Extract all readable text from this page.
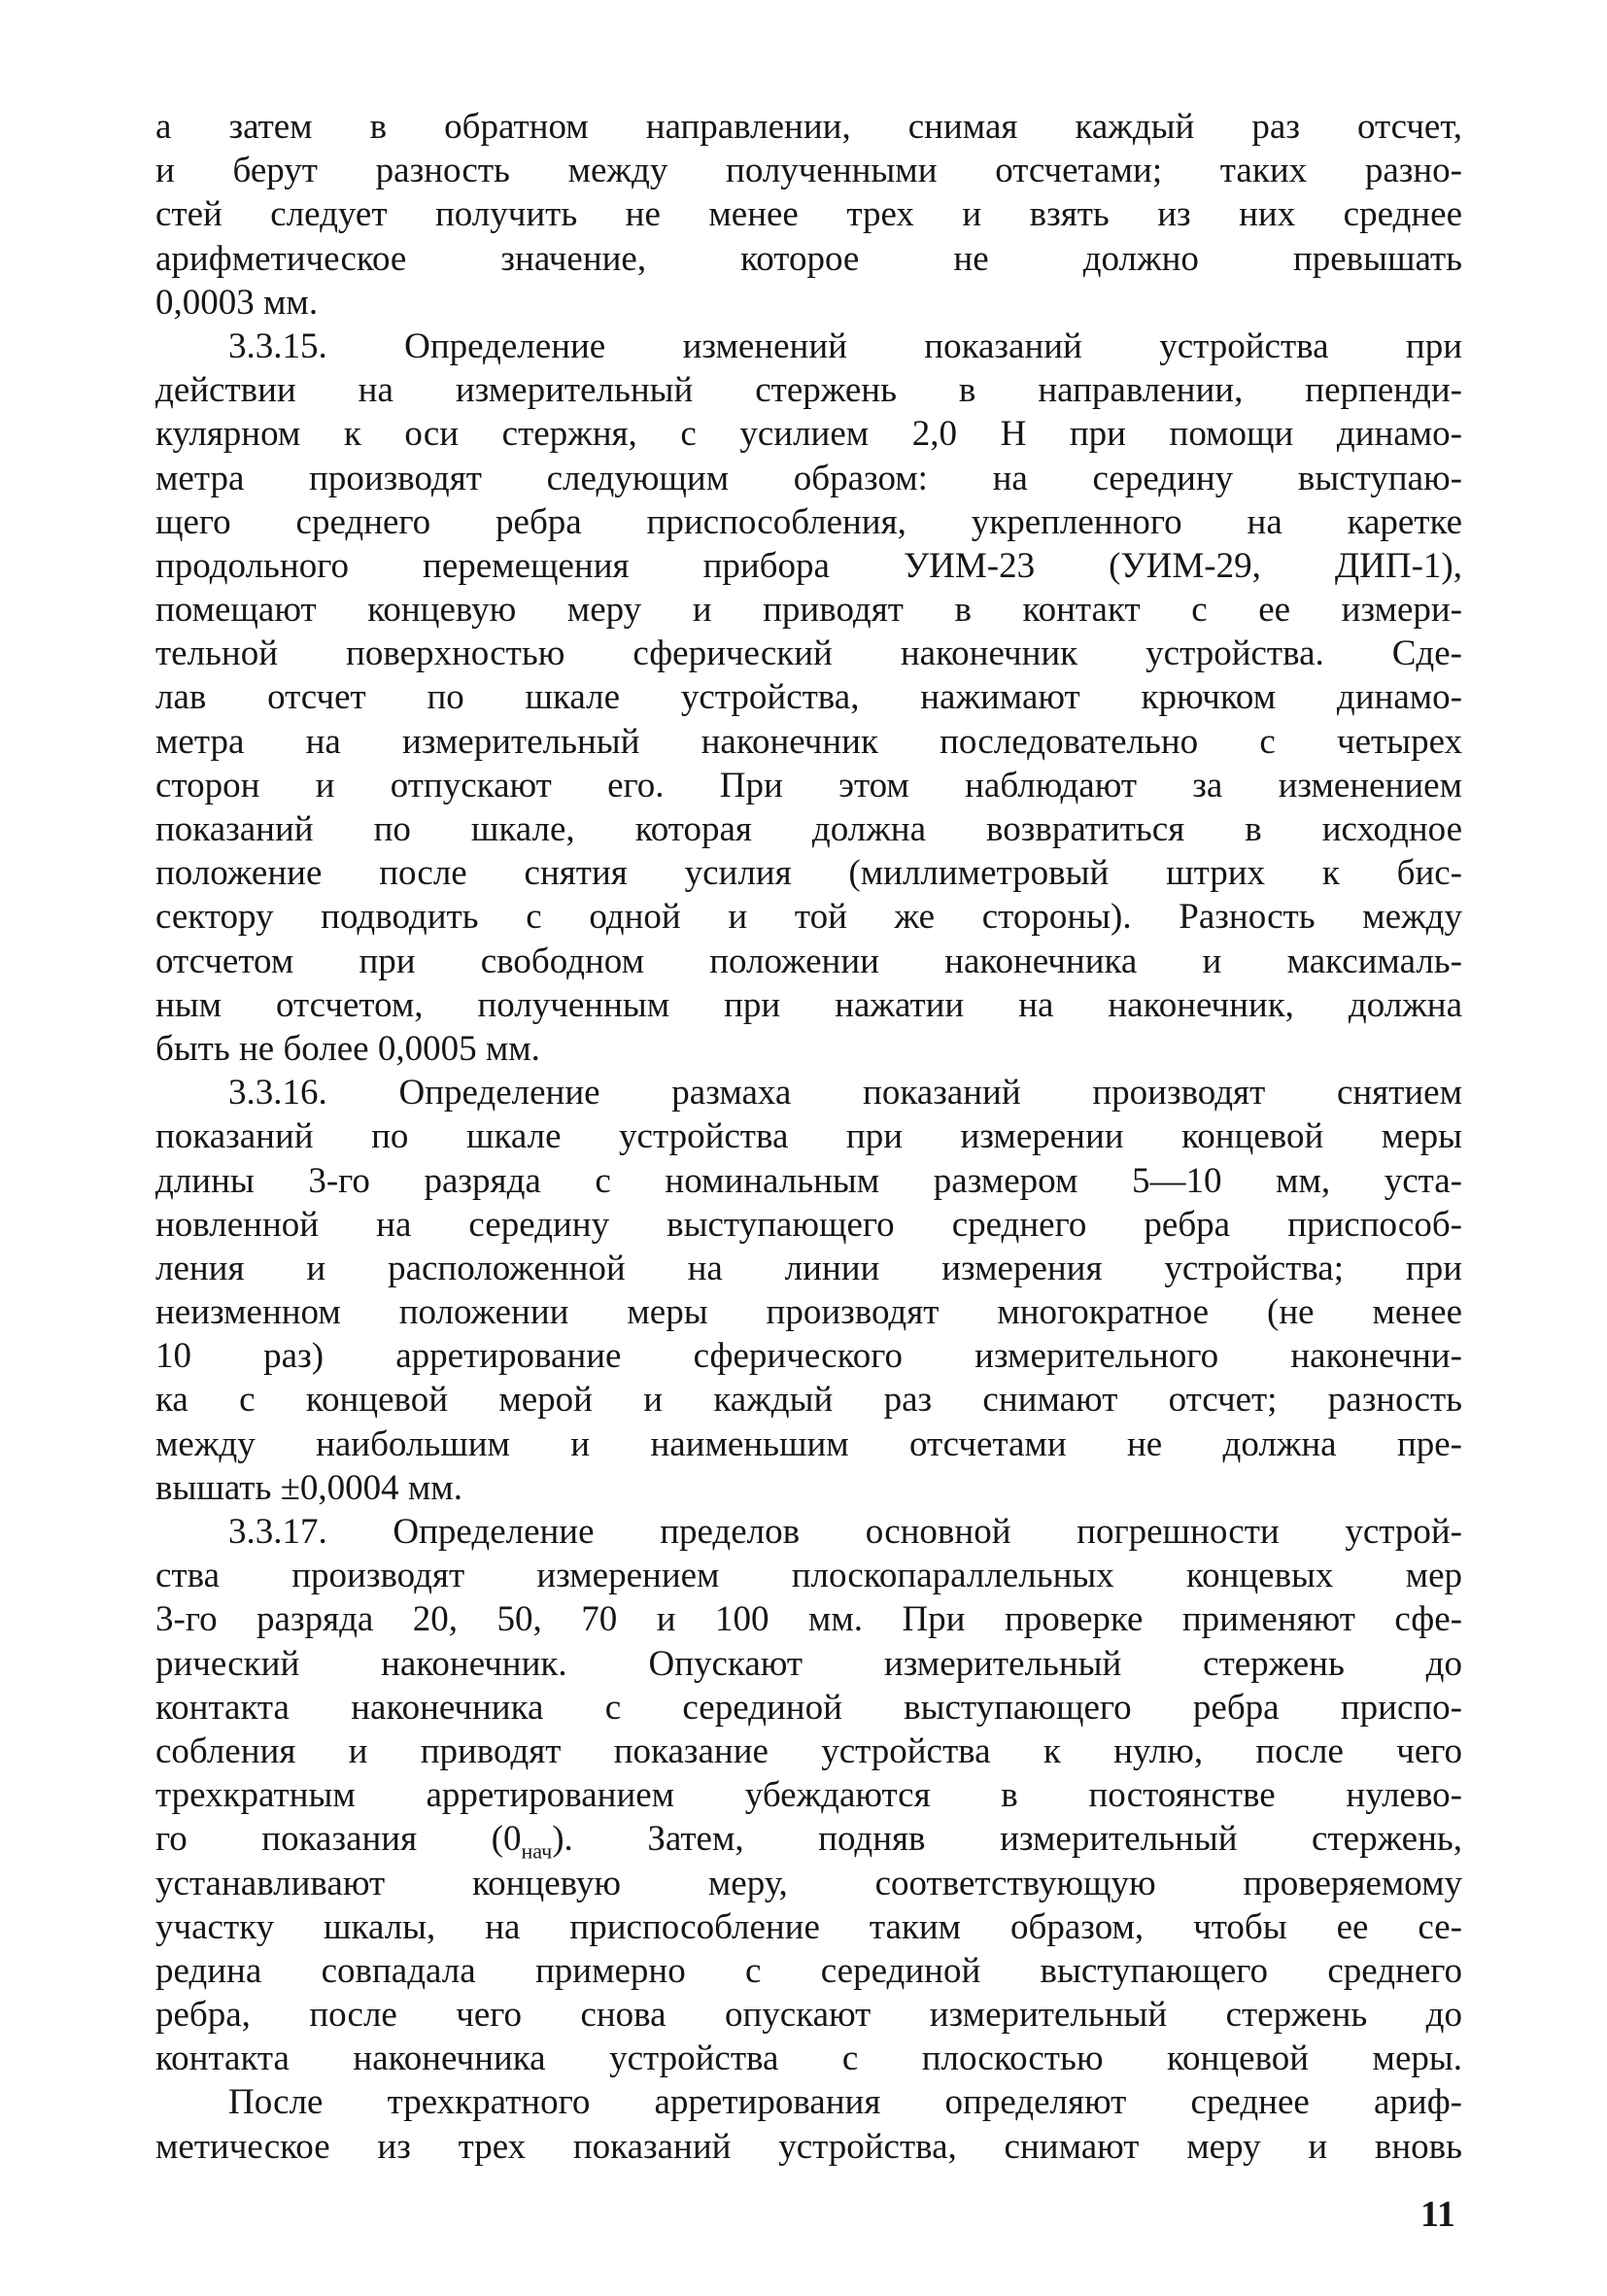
а затем в обратном направлении, снимая каждый раз отсчет,
и берут разность между полученными отсчетами; таких разно-
стей следует получить не менее трех и взять из них среднее
арифметическое значение, которое не должно превышать
0,0003 мм.
3.3.15. Определение изменений показаний устройства при
действии на измерительный стержень в направлении, перпенди-
кулярном к оси стержня, с усилием 2,0 Н при помощи динамо-
метра производят следующим образом: на середину выступаю-
щего среднего ребра приспособления, укрепленного на каретке
продольного перемещения прибора УИМ-23 (УИМ-29, ДИП-1),
помещают концевую меру и приводят в контакт с ее измери-
тельной поверхностью сферический наконечник устройства. Сде-
лав отсчет по шкале устройства, нажимают крючком динамо-
метра на измерительный наконечник последовательно с четырех
сторон и отпускают его. При этом наблюдают за изменением
показаний по шкале, которая должна возвратиться в исходное
положение после снятия усилия (миллиметровый штрих к бис-
сектору подводить с одной и той же стороны). Разность между
отсчетом при свободном положении наконечника и максималь-
ным отсчетом, полученным при нажатии на наконечник, должна
быть не более 0,0005 мм.
3.3.16. Определение размаха показаний производят снятием
показаний по шкале устройства при измерении концевой меры
длины 3-го разряда с номинальным размером 5—10 мм, уста-
новленной на середину выступающего среднего ребра приспособ-
ления и расположенной на линии измерения устройства; при
неизменном положении меры производят многократное (не менее
10 раз) арретирование сферического измерительного наконечни-
ка с концевой мерой и каждый раз снимают отсчет; разность
между наибольшим и наименьшим отсчетами не должна пре-
вышать ±0,0004 мм.
3.3.17. Определение пределов основной погрешности устрой-
ства производят измерением плоскопараллельных концевых мер
3-го разряда 20, 50, 70 и 100 мм. При проверке применяют сфе-
рический наконечник. Опускают измерительный стержень до
контакта наконечника с серединой выступающего ребра приспо-
собления и приводят показание устройства к нулю, после чего
трехкратным арретированием убеждаются в постоянстве нулево-
го показания $(0_{нач})$. Затем, подняв измерительный стержень,
устанавливают концевую меру, соответствующую проверяемому
участку шкалы, на приспособление таким образом, чтобы ее се-
редина совпадала примерно с серединой выступающего среднего
ребра, после чего снова опускают измерительный стержень до
контакта наконечника устройства с плоскостью концевой меры.
После трехкратного арретирования определяют среднее ариф-
метическое из трех показаний устройства, снимают меру и вновь
11
